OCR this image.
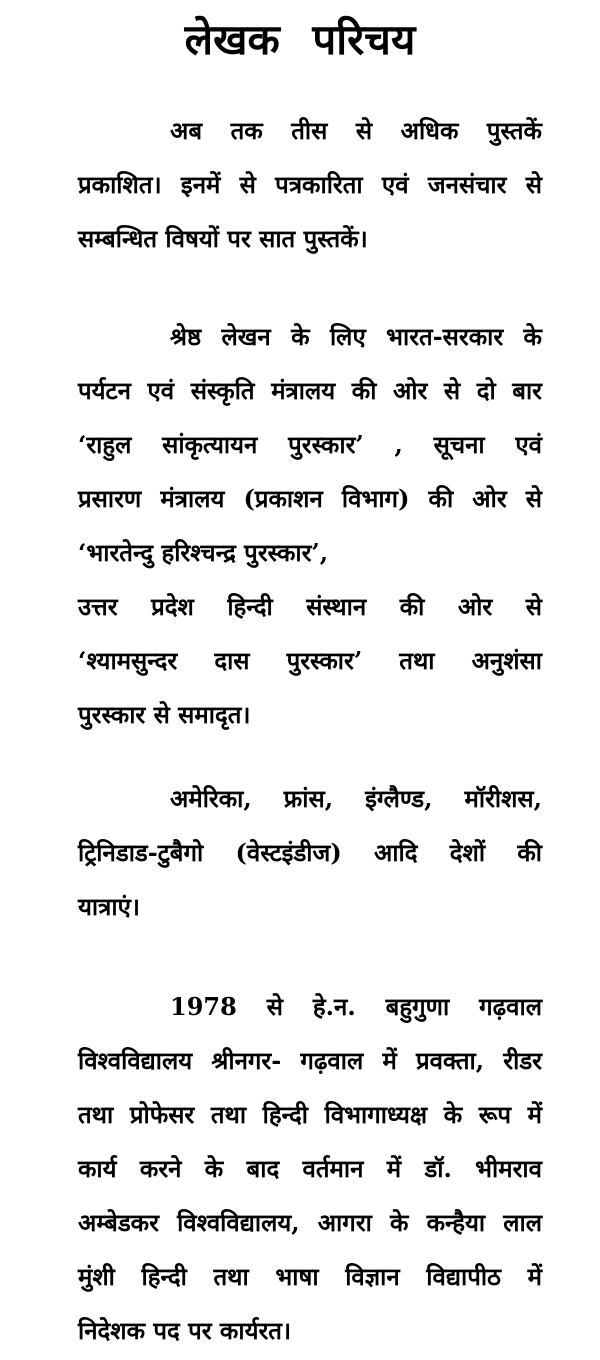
लेखक परिचय
अब तक तीस से अधिक पुस्तकें
प्रकाशित। इनमें से पत्रकारिता एवं जनसंचार से
सम्बन्धित विषयों पर सात पुस्तकें।
श्रेष्ठ लेखन के लिए भारत-सरकार के
पर्यटन एवं संस्कृति मंत्रालय की ओर से दो बार
‘राहुल सांकृत्यायन पुरस्कार’ , सूचना एवं
प्रसारण मंत्रालय (प्रकाशन विभाग) की ओर से
‘भारतेन्दु हरिश्चन्द्र पुरस्कार’,
उत्तर प्रदेश हिन्दी संस्थान की ओर से
‘श्यामसुन्दर दास पुरस्कार’ तथा अनुशंसा
पुरस्कार से समादृत।
अमेरिका, फ्रांस, इंग्लैण्ड, मॉरीशस,
ट्रिनिडाड-टुबैगो (वेस्टइंडीज) आदि देशों की
यात्राएं।
1978 से हे.न. बहुगुणा गढ़वाल
विश्वविद्यालय श्रीनगर- गढ़वाल में प्रवक्ता, रीडर
तथा प्रोफेसर तथा हिन्दी विभागाध्यक्ष के रूप में
कार्य करने के बाद वर्तमान में डॉ. भीमराव
अम्बेडकर विश्वविद्यालय, आगरा के कन्हैया लाल
मुंशी हिन्दी तथा भाषा विज्ञान विद्यापीठ में
निदेशक पद पर कार्यरत।
